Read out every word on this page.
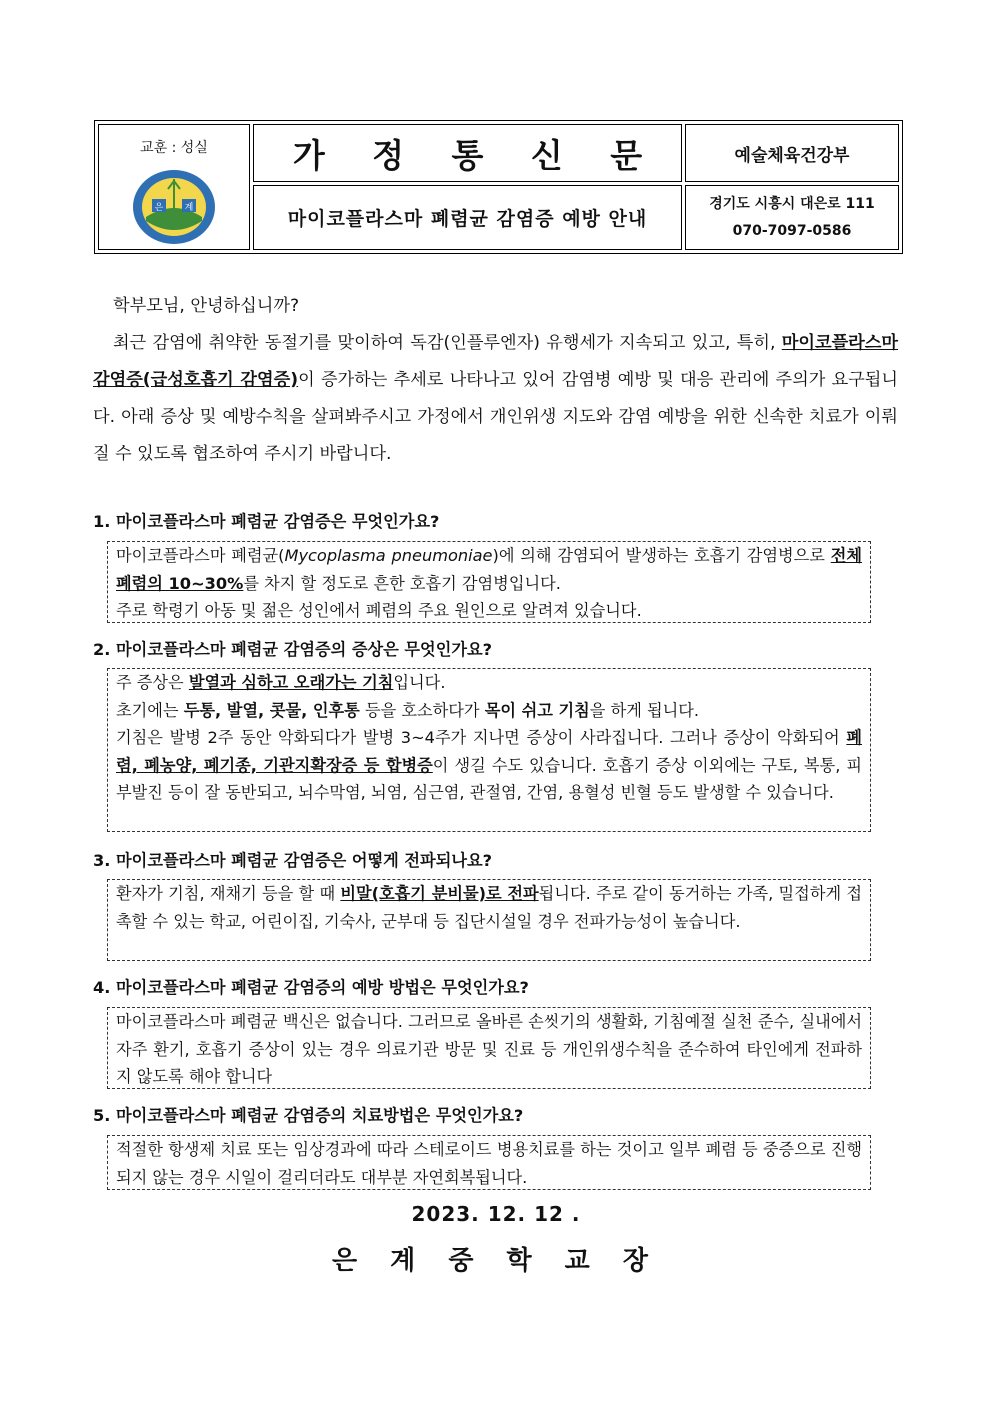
교훈 : 성실
은 계
가 정 통 신 문	예술체육건강부
마이코플라스마 폐렴균 감염증 예방 안내
경기도 시흥시 대은로 111
070-7097-0586

학부모님, 안녕하십니까?

최근 감염에 취약한 동절기를 맞이하여 독감(인플루엔자) 유행세가 지속되고 있고, 특히, 마이코플라스마 감염증(급성호흡기 감염증)이 증가하는 추세로 나타나고 있어 감염병 예방 및 대응 관리에 주의가 요구됩니다. 아래 증상 및 예방수칙을 살펴봐주시고 가정에서 개인위생 지도와 감염 예방을 위한 신속한 치료가 이뤄질 수 있도록 협조하여 주시기 바랍니다.

1. 마이코플라스마 폐렴균 감염증은 무엇인가요?
마이코플라스마 폐렴균(Mycoplasma pneumoniae)에 의해 감염되어 발생하는 호흡기 감염병으로 전체 폐렴의 10~30%를 차지 할 정도로 흔한 호흡기 감염병입니다.
주로 학령기 아동 및 젊은 성인에서 폐렴의 주요 원인으로 알려져 있습니다.
2. 마이코플라스마 폐렴균 감염증의 증상은 무엇인가요?
주 증상은 발열과 심하고 오래가는 기침입니다.
초기에는 두통, 발열, 콧물, 인후통 등을 호소하다가 목이 쉬고 기침을 하게 됩니다.
기침은 발병 2주 동안 악화되다가 발병 3~4주가 지나면 증상이 사라집니다. 그러나 증상이 악화되어 폐렴, 폐농양, 폐기종, 기관지확장증 등 합병증이 생길 수도 있습니다. 호흡기 증상 이외에는 구토, 복통, 피부발진 등이 잘 동반되고, 뇌수막염, 뇌염, 심근염, 관절염, 간염, 용혈성 빈혈 등도 발생할 수 있습니다.
3. 마이코플라스마 폐렴균 감염증은 어떻게 전파되나요?
환자가 기침, 재채기 등을 할 때 비말(호흡기 분비물)로 전파됩니다. 주로 같이 동거하는 가족, 밀접하게 접촉할 수 있는 학교, 어린이집, 기숙사, 군부대 등 집단시설일 경우 전파가능성이 높습니다.
4. 마이코플라스마 폐렴균 감염증의 예방 방법은 무엇인가요?
마이코플라스마 폐렴균 백신은 없습니다. 그러므로 올바른 손씻기의 생활화, 기침예절 실천 준수, 실내에서 자주 환기, 호흡기 증상이 있는 경우 의료기관 방문 및 진료 등 개인위생수칙을 준수하여 타인에게 전파하지 않도록 해야 합니다
5. 마이코플라스마 폐렴균 감염증의 치료방법은 무엇인가요?
적절한 항생제 치료 또는 임상경과에 따라 스테로이드 병용치료를 하는 것이고 일부 폐렴 등 중증으로 진행되지 않는 경우 시일이 걸리더라도 대부분 자연회복됩니다.
2023. 12. 12 .
은 계 중 학 교 장
